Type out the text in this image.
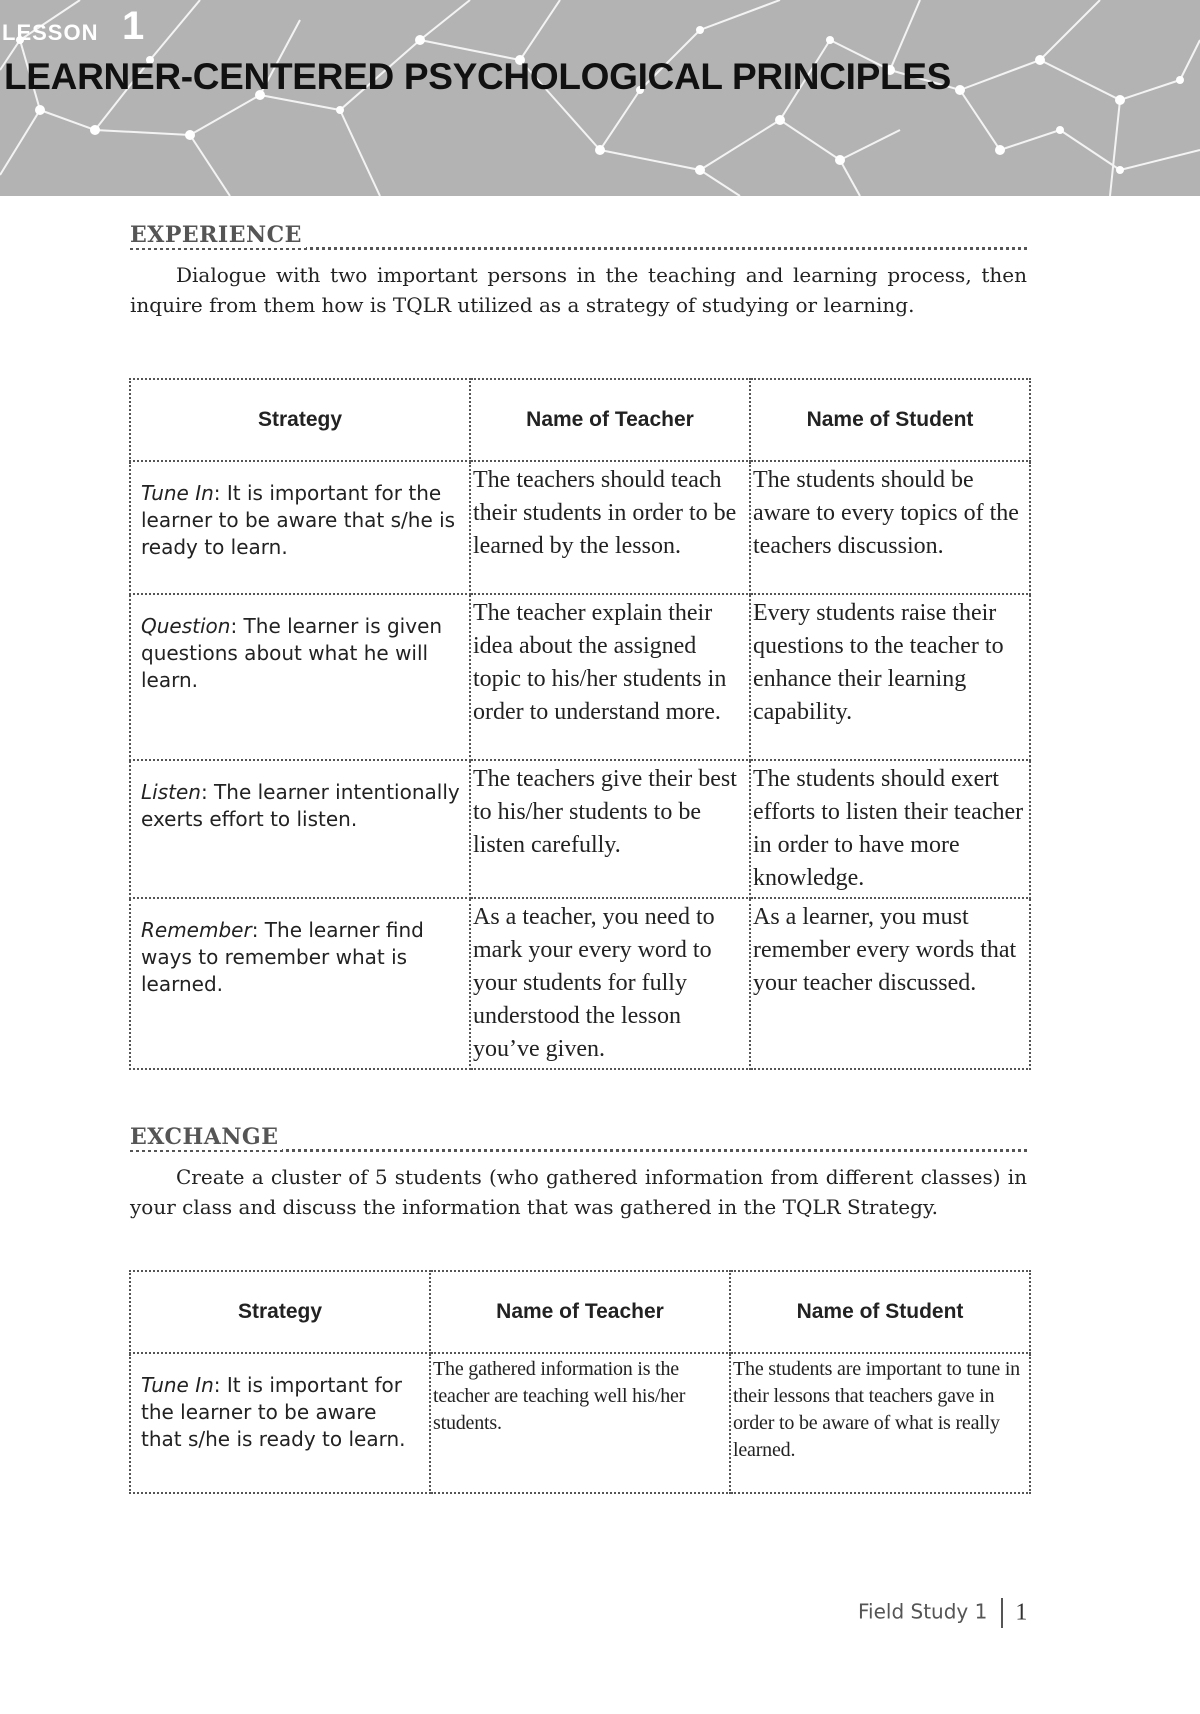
LESSON 1
LEARNER-CENTERED PSYCHOLOGICAL PRINCIPLES
EXPERIENCE

Dialogue with two important persons in the teaching and learning process, then inquire from them how is TQLR utilized as a strategy of studying or learning.

Strategy	Name of Teacher	Name of Student
Tune In: It is important for the learner to be aware that s/he is ready to learn.	The teachers should teach their students in order to be learned by the lesson.	The students should be aware to every topics of the teachers discussion.
Question: The learner is given questions about what he will learn.	The teacher explain their idea about the assigned topic to his/her students in order to understand more.	Every students raise their questions to the teacher to enhance their learning capability.
Listen: The learner intentionally exerts effort to listen.	The teachers give their best to his/her students to be listen carefully.	The students should exert efforts to listen their teacher in order to have more knowledge.
Remember: The learner find ways to remember what is learned.	As a teacher, you need to mark your every word to your students for fully understood the lesson you’ve given.	As a learner, you must remember every words that your teacher discussed.
EXCHANGE

Create a cluster of 5 students (who gathered information from different classes) in your class and discuss the information that was gathered in the TQLR Strategy.

Strategy	Name of Teacher	Name of Student
Tune In: It is important for the learner to be aware that s/he is ready to learn.	The gathered information is the teacher are teaching well his/her students.	The students are important to tune in their lessons that teachers gave in order to be aware of what is really learned.
Field Study 1 1
